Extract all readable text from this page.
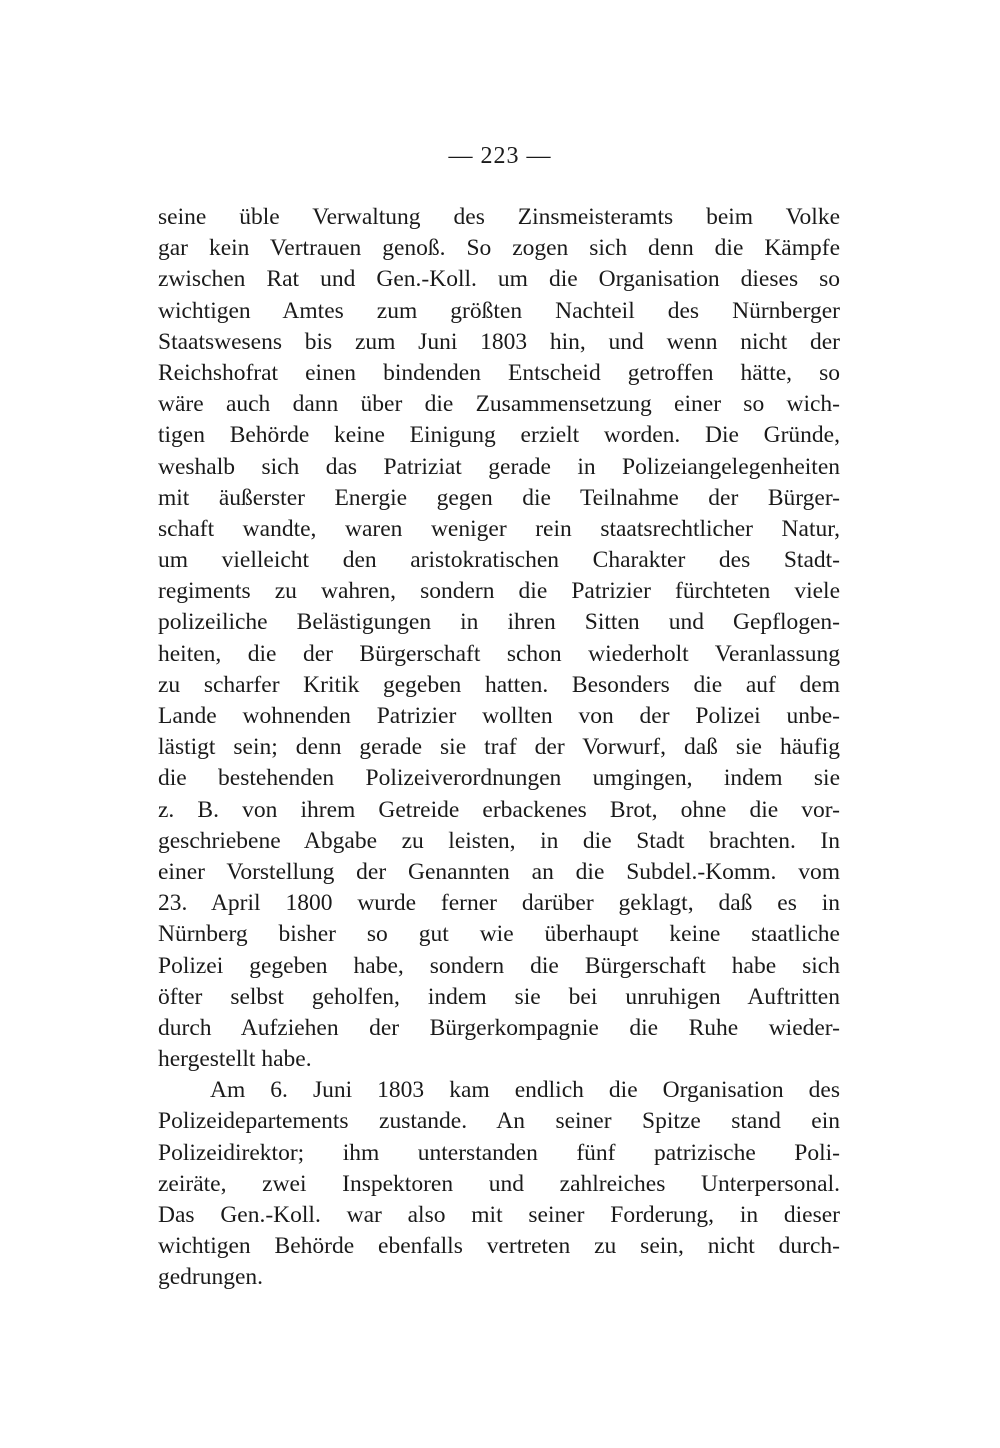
— 223 —
seine üble Verwaltung des Zinsmeisteramts beim Volke
gar kein Vertrauen genoß. So zogen sich denn die Kämpfe
zwischen Rat und Gen.-Koll. um die Organisation dieses so
wichtigen Amtes zum größten Nachteil des Nürnberger
Staatswesens bis zum Juni 1803 hin, und wenn nicht der
Reichshofrat einen bindenden Entscheid getroffen hätte, so
wäre auch dann über die Zusammensetzung einer so wich-
tigen Behörde keine Einigung erzielt worden. Die Gründe,
weshalb sich das Patriziat gerade in Polizeiangelegenheiten
mit äußerster Energie gegen die Teilnahme der Bürger-
schaft wandte, waren weniger rein staatsrechtlicher Natur,
um vielleicht den aristokratischen Charakter des Stadt-
regiments zu wahren, sondern die Patrizier fürchteten viele
polizeiliche Belästigungen in ihren Sitten und Gepflogen-
heiten, die der Bürgerschaft schon wiederholt Veranlassung
zu scharfer Kritik gegeben hatten. Besonders die auf dem
Lande wohnenden Patrizier wollten von der Polizei unbe-
lästigt sein; denn gerade sie traf der Vorwurf, daß sie häufig
die bestehenden Polizeiverordnungen umgingen, indem sie
z. B. von ihrem Getreide erbackenes Brot, ohne die vor-
geschriebene Abgabe zu leisten, in die Stadt brachten. In
einer Vorstellung der Genannten an die Subdel.-Komm. vom
23. April 1800 wurde ferner darüber geklagt, daß es in
Nürnberg bisher so gut wie überhaupt keine staatliche
Polizei gegeben habe, sondern die Bürgerschaft habe sich
öfter selbst geholfen, indem sie bei unruhigen Auftritten
durch Aufziehen der Bürgerkompagnie die Ruhe wieder-
hergestellt habe.
Am 6. Juni 1803 kam endlich die Organisation des
Polizeidepartements zustande. An seiner Spitze stand ein
Polizeidirektor; ihm unterstanden fünf patrizische Poli-
zeiräte, zwei Inspektoren und zahlreiches Unterpersonal.
Das Gen.-Koll. war also mit seiner Forderung, in dieser
wichtigen Behörde ebenfalls vertreten zu sein, nicht durch-
gedrungen.
